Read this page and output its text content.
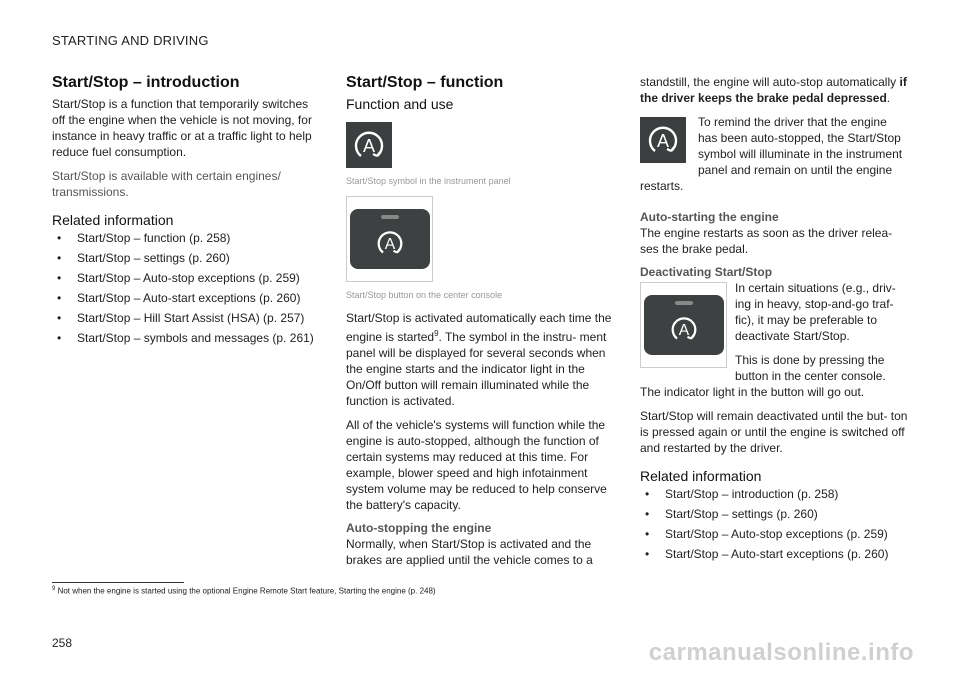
STARTING AND DRIVING
Start/Stop – introduction

Start/Stop is a function that temporarily switches off the engine when the vehicle is not moving, for instance in heavy traffic or at a traffic light to help reduce fuel consumption.

Start/Stop is available with certain engines/ transmissions.

Related information
• Start/Stop – function (p. 258)
• Start/Stop – settings (p. 260)
• Start/Stop – Auto-stop exceptions (p. 259)
• Start/Stop – Auto-start exceptions (p. 260)
• Start/Stop – Hill Start Assist (HSA) (p. 257)
• Start/Stop – symbols and messages (p. 261)
Start/Stop – function
Function and use
A
Start/Stop symbol in the instrument panel
A
Start/Stop button on the center console

Start/Stop is activated automatically each time the engine is started$^9$. The symbol in the instru- ment panel will be displayed for several seconds when the engine starts and the indicator light in the On/Off button will remain illuminated while the function is activated.

All of the vehicle's systems will function while the engine is auto-stopped, although the function of certain systems may reduced at this time. For example, blower speed and high infotainment system volume may be reduced to help conserve the battery's capacity.

Auto-stopping the engine

Normally, when Start/Stop is activated and the brakes are applied until the vehicle comes to a

standstill, the engine will auto-stop automatically if the driver keeps the brake pedal depressed.

A

To remind the driver that the engine has been auto-stopped, the Start/Stop symbol will illuminate in the instrument panel and remain on until the engine restarts.

Auto-starting the engine

The engine restarts as soon as the driver relea- ses the brake pedal.

Deactivating Start/Stop
A

In certain situations (e.g., driv- ing in heavy, stop-and-go traf- fic), it may be preferable to deactivate Start/Stop.

This is done by pressing the button in the center console. The indicator light in the button will go out.

Start/Stop will remain deactivated until the but- ton is pressed again or until the engine is switched off and restarted by the driver.

Related information
• Start/Stop – introduction (p. 258)
• Start/Stop – settings (p. 260)
• Start/Stop – Auto-stop exceptions (p. 259)
• Start/Stop – Auto-start exceptions (p. 260)
$^9$ Not when the engine is started using the optional Engine Remote Start feature, Starting the engine (p. 248)
258	carmanualsonline.info
